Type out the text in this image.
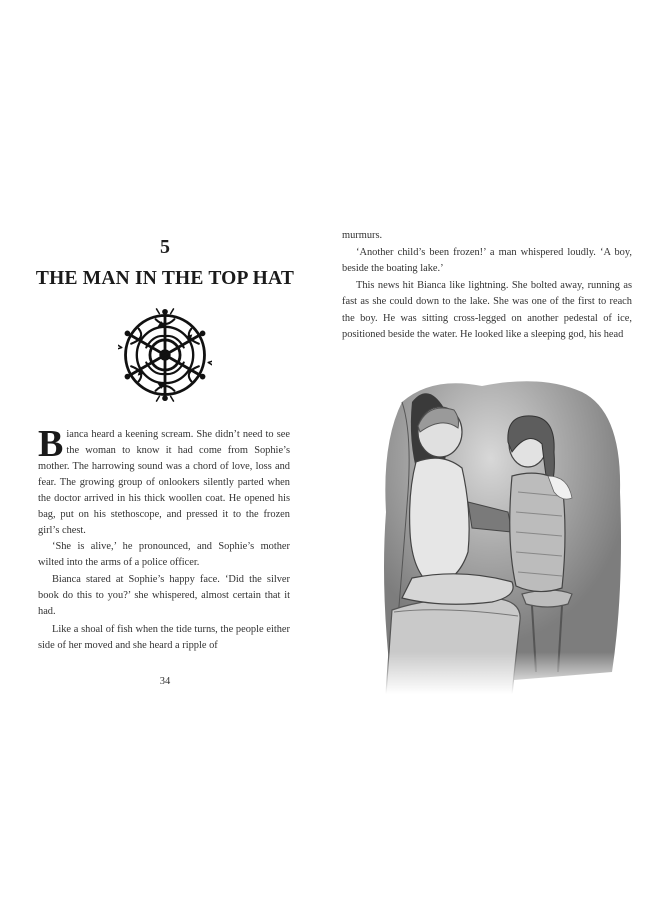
5
THE MAN IN THE TOP HAT

Bianca heard a keening scream. She didn’t need to see the woman to know it had come from Sophie’s mother. The harrowing sound was a chord of love, loss and fear. The growing group of onlookers silently parted when the doctor arrived in his thick woollen coat. He opened his bag, put on his stethoscope, and pressed it to the frozen girl’s chest.

‘She is alive,’ he pronounced, and Sophie’s mother wilted into the arms of a police officer.

Bianca stared at Sophie’s happy face. ‘Did the silver book do this to you?’ she whispered, almost certain that it had.

Like a shoal of fish when the tide turns, the people either side of her moved and she heard a ripple of

34

murmurs.

‘Another child’s been frozen!’ a man whispered loudly. ‘A boy, beside the boating lake.’

This news hit Bianca like lightning. She bolted away, running as fast as she could down to the lake. She was one of the first to reach the boy. He was sitting cross-legged on another pedestal of ice, positioned beside the water. He looked like a sleeping god, his head
